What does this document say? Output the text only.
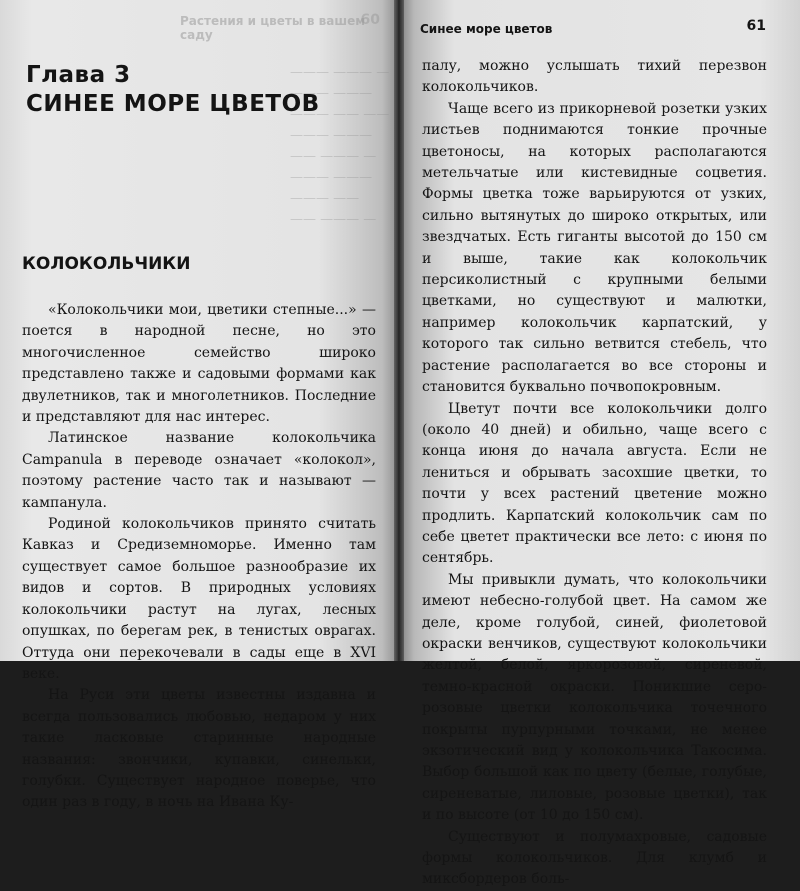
Растения и цветы в вашем саду
60
——— ——— —
——— ———
——— —— ——
——— ———
—— ——— —
——— ———
——— ——
—— ——— —
Глава 3
СИНЕЕ МОРЕ ЦВЕТОВ
КОЛОКОЛЬЧИКИ

«Колокольчики мои, цветики степные...» — поется в народной песне, но это многочисленное семейство широко представлено также и садовыми формами как двулетников, так и многолетников. Последние и представляют для нас интерес.

Латинское название колокольчика Campanula в переводе означает «колокол», поэтому растение часто так и называют — кампанула.

Родиной колокольчиков принято считать Кавказ и Средиземноморье. Именно там существует самое большое разнообразие их видов и сортов. В природных условиях колокольчики растут на лугах, лесных опушках, по берегам рек, в тенистых оврагах. Оттуда они перекочевали в сады еще в XVI веке.

На Руси эти цветы известны издавна и всегда пользовались любовью, недаром у них такие ласковые старинные народные названия: звончики, купавки, синельки, голубки. Существует народное поверье, что один раз в году, в ночь на Ивана Ку-

Синее море цветов	61

палу, можно услышать тихий перезвон колокольчиков.

Чаще всего из прикорневой розетки узких листьев поднимаются тонкие прочные цветоносы, на которых располагаются метельчатые или кистевидные соцветия. Формы цветка тоже варьируются от узких, сильно вытянутых до широко открытых, или звездчатых. Есть гиганты высотой до 150 см и выше, такие как колокольчик персиколистный с крупными белыми цветками, но существуют и малютки, например колокольчик карпатский, у которого так сильно ветвится стебель, что растение располагается во все стороны и становится буквально почвопокровным.

Цветут почти все колокольчики долго (около 40 дней) и обильно, чаще всего с конца июня до начала августа. Если не лениться и обрывать засохшие цветки, то почти у всех растений цветение можно продлить. Карпатский колокольчик сам по себе цветет практически все лето: с июня по сентябрь.

Мы привыкли думать, что колокольчики имеют небесно-голубой цвет. На самом же деле, кроме голубой, синей, фиолетовой окраски венчиков, существуют колокольчики желтой, белой, яркорозовой, сиреневой, темно-красной окраски. Поникшие серо-розовые цветки колокольчика точечного покрыты пурпурными точками, не менее экзотический вид у колокольчика Такосима. Выбор большой как по цвету (белые, голубые, сиреневатые, лиловые, розовые цветки), так и по высоте (от 10 до 150 см).

Существуют и полумахровые, садовые формы колокольчиков. Для клумб и миксбордеров боль-
